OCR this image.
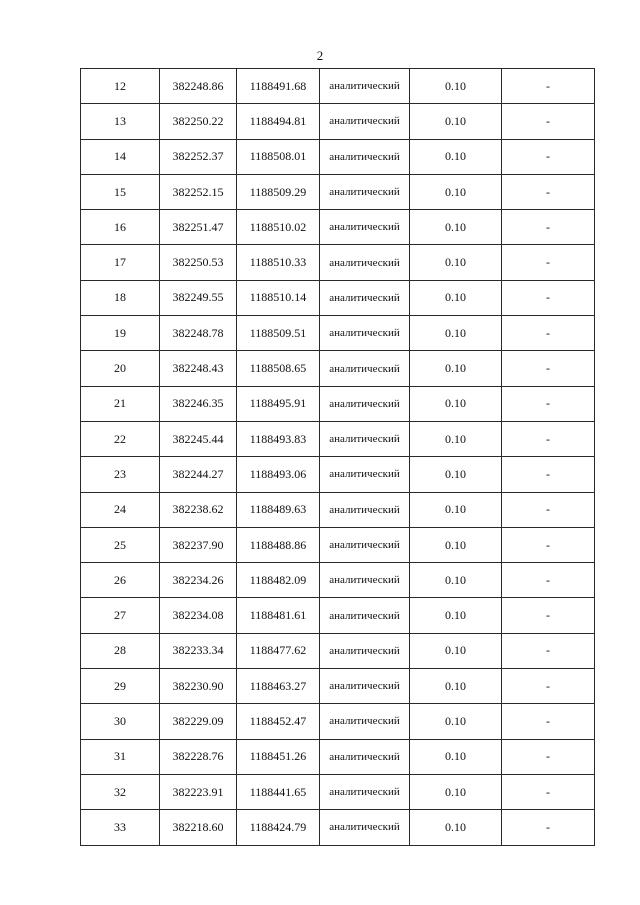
2
12	382248.86	1188491.68	аналитический	0.10	-
13	382250.22	1188494.81	аналитический	0.10	-
14	382252.37	1188508.01	аналитический	0.10	-
15	382252.15	1188509.29	аналитический	0.10	-
16	382251.47	1188510.02	аналитический	0.10	-
17	382250.53	1188510.33	аналитический	0.10	-
18	382249.55	1188510.14	аналитический	0.10	-
19	382248.78	1188509.51	аналитический	0.10	-
20	382248.43	1188508.65	аналитический	0.10	-
21	382246.35	1188495.91	аналитический	0.10	-
22	382245.44	1188493.83	аналитический	0.10	-
23	382244.27	1188493.06	аналитический	0.10	-
24	382238.62	1188489.63	аналитический	0.10	-
25	382237.90	1188488.86	аналитический	0.10	-
26	382234.26	1188482.09	аналитический	0.10	-
27	382234.08	1188481.61	аналитический	0.10	-
28	382233.34	1188477.62	аналитический	0.10	-
29	382230.90	1188463.27	аналитический	0.10	-
30	382229.09	1188452.47	аналитический	0.10	-
31	382228.76	1188451.26	аналитический	0.10	-
32	382223.91	1188441.65	аналитический	0.10	-
33	382218.60	1188424.79	аналитический	0.10	-
